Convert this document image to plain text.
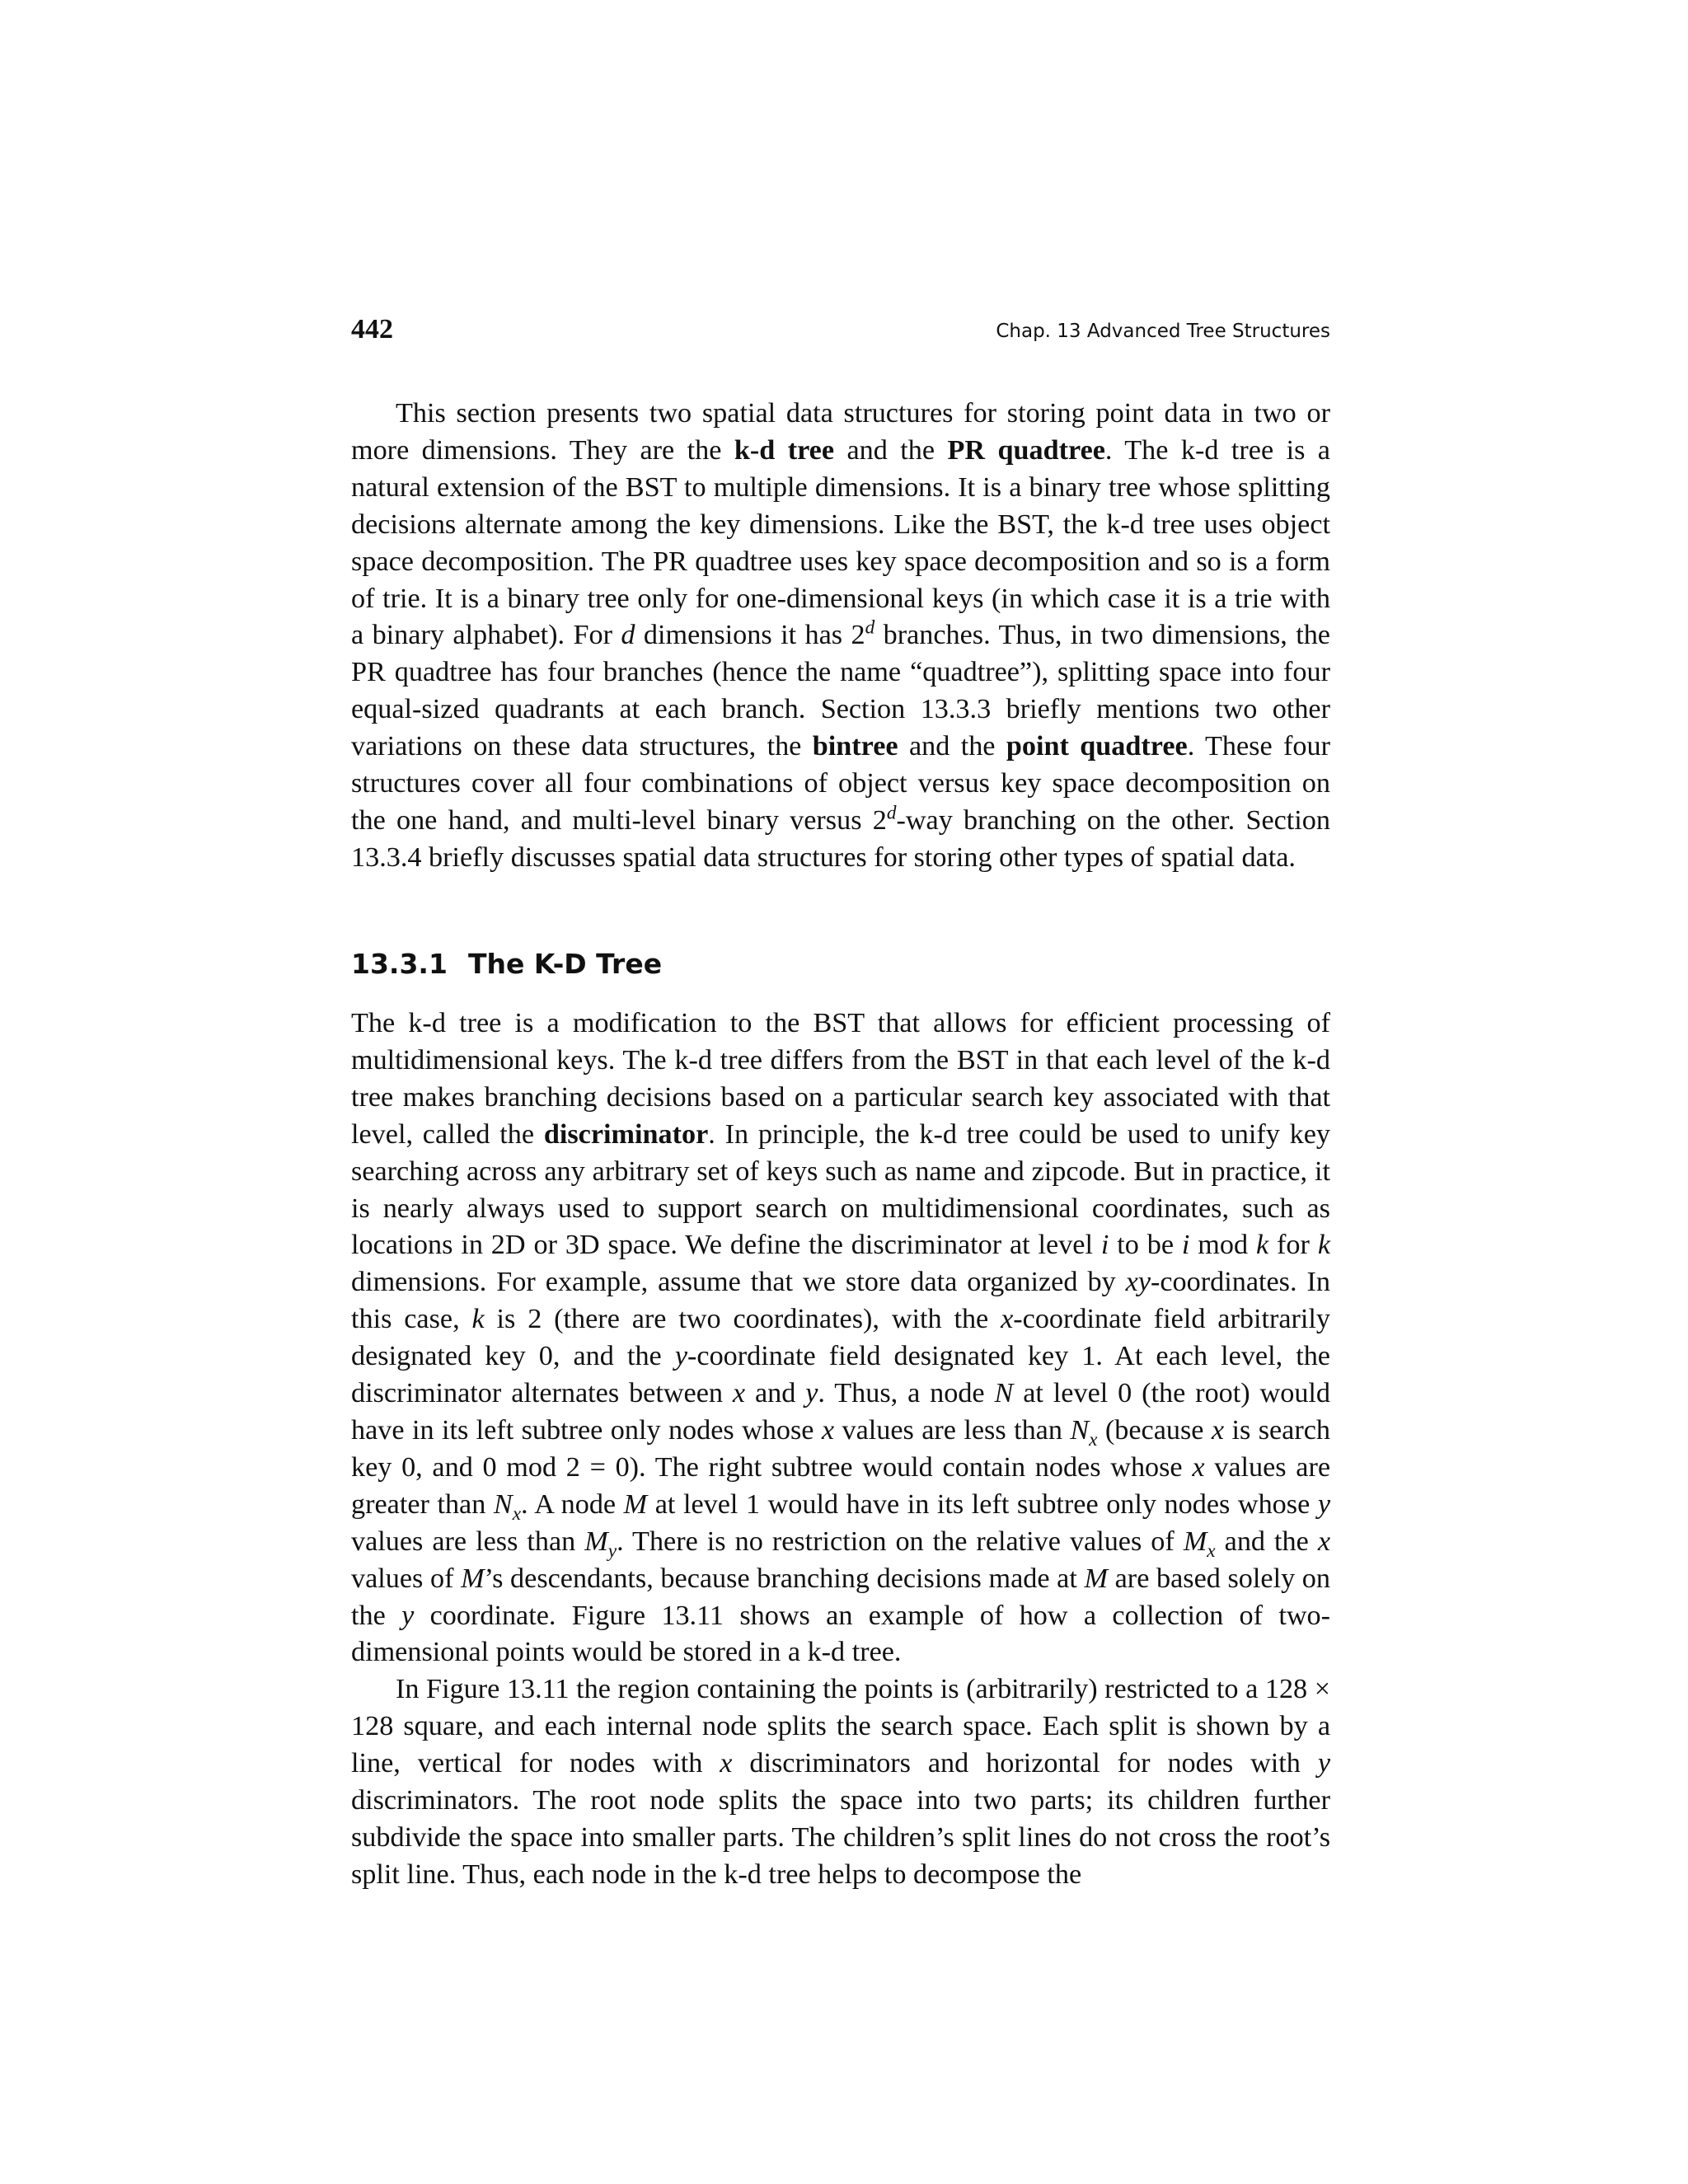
442	Chap. 13 Advanced Tree Structures

This section presents two spatial data structures for storing point data in two or more dimensions. They are the k-d tree and the PR quadtree. The k-d tree is a natural extension of the BST to multiple dimensions. It is a binary tree whose splitting decisions alternate among the key dimensions. Like the BST, the k-d tree uses object space decomposition. The PR quadtree uses key space decomposition and so is a form of trie. It is a binary tree only for one-dimensional keys (in which case it is a trie with a binary alphabet). For d dimensions it has 2$^d$ branches. Thus, in two dimensions, the PR quadtree has four branches (hence the name “quadtree”), splitting space into four equal-sized quadrants at each branch. Section 13.3.3 briefly mentions two other variations on these data structures, the bintree and the point quadtree. These four structures cover all four combinations of object versus key space decomposition on the one hand, and multi-level binary versus 2$^d$-way branching on the other. Section 13.3.4 briefly discusses spatial data structures for storing other types of spatial data.

13.3.1 The K-D Tree

The k-d tree is a modification to the BST that allows for efficient processing of multidimensional keys. The k-d tree differs from the BST in that each level of the k-d tree makes branching decisions based on a particular search key associated with that level, called the discriminator. In principle, the k-d tree could be used to unify key searching across any arbitrary set of keys such as name and zipcode. But in practice, it is nearly always used to support search on multidimensional coordinates, such as locations in 2D or 3D space. We define the discriminator at level i to be i mod k for k dimensions. For example, assume that we store data organized by xy-coordinates. In this case, k is 2 (there are two coordinates), with the x-coordinate field arbitrarily designated key 0, and the y-coordinate field designated key 1. At each level, the discriminator alternates between x and y. Thus, a node N at level 0 (the root) would have in its left subtree only nodes whose x values are less than $N_x$ (because x is search key 0, and 0 mod 2 = 0). The right subtree would contain nodes whose x values are greater than $N_x$. A node M at level 1 would have in its left subtree only nodes whose y values are less than $M_y$. There is no restriction on the relative values of $M_x$ and the x values of M’s descendants, because branching decisions made at M are based solely on the y coordinate. Figure 13.11 shows an example of how a collection of two-dimensional points would be stored in a k-d tree.

In Figure 13.11 the region containing the points is (arbitrarily) restricted to a 128 × 128 square, and each internal node splits the search space. Each split is shown by a line, vertical for nodes with x discriminators and horizontal for nodes with y discriminators. The root node splits the space into two parts; its children further subdivide the space into smaller parts. The children’s split lines do not cross the root’s split line. Thus, each node in the k-d tree helps to decompose the
